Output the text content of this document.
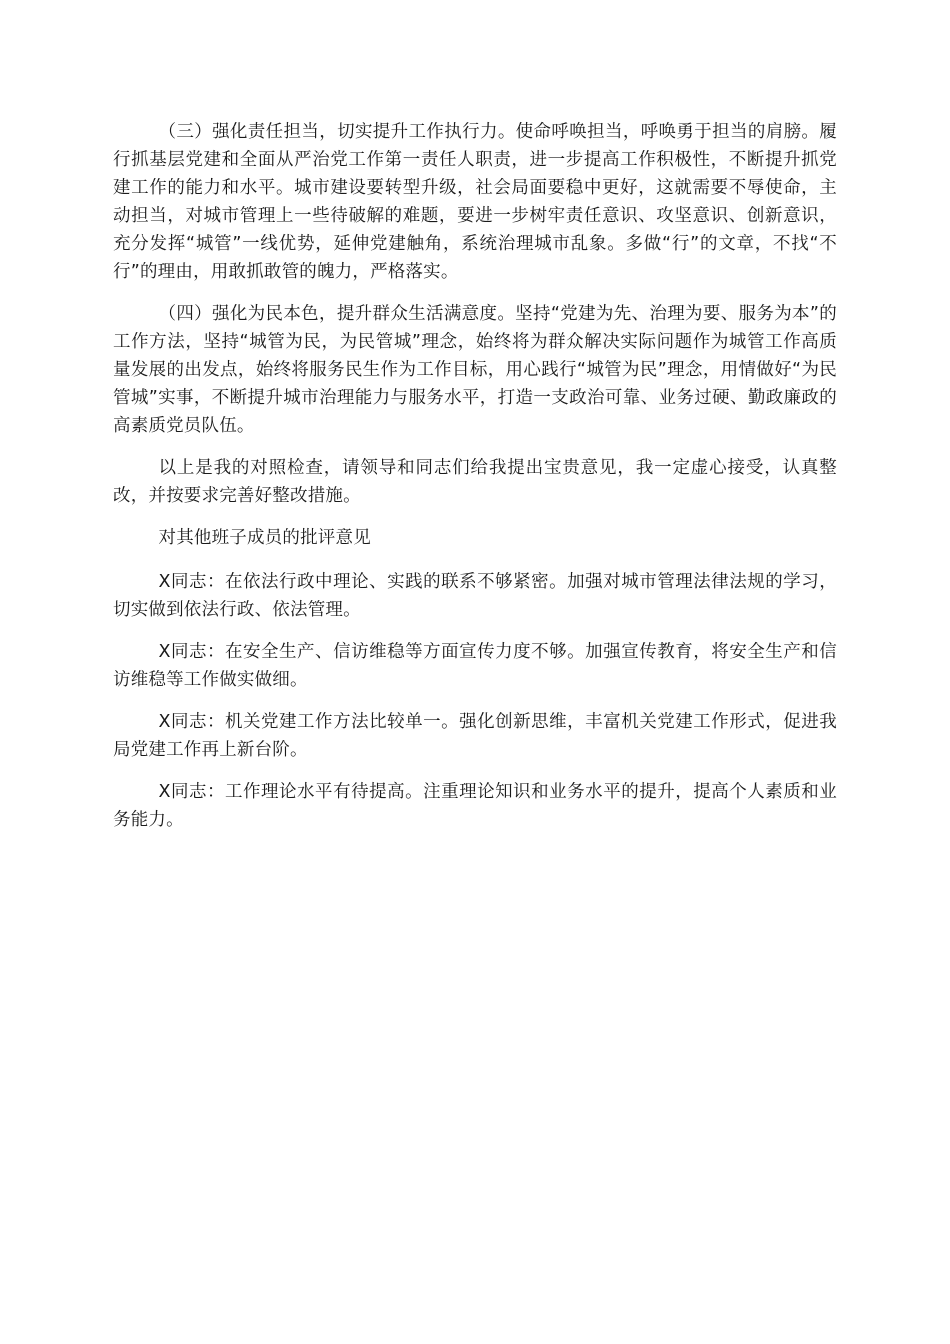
（三）强化责任担当，切实提升工作执行力。使命呼唤担当，呼唤勇于担当的肩膀。履行抓基层党建和全面从严治党工作第一责任人职责，进一步提高工作积极性，不断提升抓党建工作的能力和水平。城市建设要转型升级，社会局面要稳中更好，这就需要不辱使命，主动担当，对城市管理上一些待破解的难题，要进一步树牢责任意识、攻坚意识、创新意识，充分发挥“城管”一线优势，延伸党建触角，系统治理城市乱象。多做“行”的文章，不找“不行”的理由，用敢抓敢管的魄力，严格落实。

（四）强化为民本色，提升群众生活满意度。坚持“党建为先、治理为要、服务为本”的工作方法，坚持“城管为民，为民管城”理念，始终将为群众解决实际问题作为城管工作高质量发展的出发点，始终将服务民生作为工作目标，用心践行“城管为民”理念，用情做好“为民管城”实事，不断提升城市治理能力与服务水平，打造一支政治可靠、业务过硬、勤政廉政的高素质党员队伍。

以上是我的对照检查，请领导和同志们给我提出宝贵意见，我一定虚心接受，认真整改，并按要求完善好整改措施。

对其他班子成员的批评意见

X同志：在依法行政中理论、实践的联系不够紧密。加强对城市管理法律法规的学习，切实做到依法行政、依法管理。

X同志：在安全生产、信访维稳等方面宣传力度不够。加强宣传教育，将安全生产和信访维稳等工作做实做细。

X同志：机关党建工作方法比较单一。强化创新思维，丰富机关党建工作形式，促进我局党建工作再上新台阶。

X同志：工作理论水平有待提高。注重理论知识和业务水平的提升，提高个人素质和业务能力。
